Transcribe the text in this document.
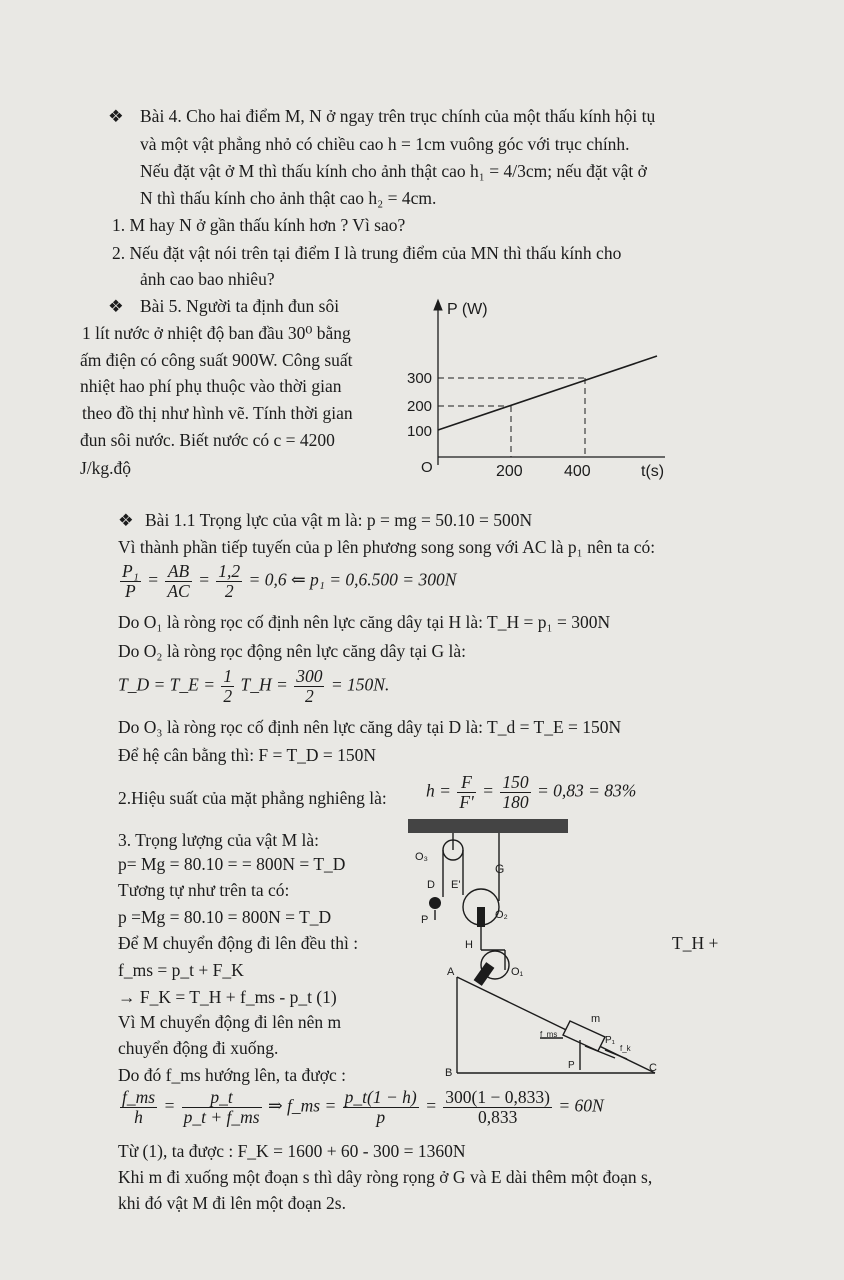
❖ Bài 4. Cho hai điểm M, N ở ngay trên trục chính của một thấu kính hội tụ
và một vật phẳng nhỏ có chiều cao h = 1cm vuông góc với trục chính.
Nếu đặt vật ở M thì thấu kính cho ảnh thật cao h₁ = 4/3cm; nếu đặt vật ở
N thì thấu kính cho ảnh thật cao h₂ = 4cm.
1. M hay N ở gần thấu kính hơn ? Vì sao?
2. Nếu đặt vật nói trên tại điểm I là trung điểm của MN thì thấu kính cho
ảnh cao bao nhiêu?
❖ Bài 5. Người ta định đun sôi
1 lít nước ở nhiệt độ ban đầu 30⁰ bằng
ấm điện có công suất 900W. Công suất
nhiệt hao phí phụ thuộc vào thời gian
theo đồ thị như hình vẽ. Tính thời gian
đun sôi nước. Biết nước có c = 4200
J/kg.độ
P (W)
300
200
100
O	200	400	t(s)
❖ Bài 1.1 Trọng lực của vật m là: p = mg = 50.10 = 500N
Vì thành phần tiếp tuyến của p lên phương song song với AC là p₁ nên ta có:
$\frac{\text{P₁}}{P} = \frac{AB}{AC} = \frac{1,2}{2} = 0,6$ ⇐ p₁ = 0,6.500 = 300N
Do O₁ là ròng rọc cố định nên lực căng dây tại H là: T_H = p₁ = 300N
Do O₂ là ròng rọc động nên lực căng dây tại G là:
T_D = T_E = $\frac{1}{2}$ T_H = $\frac{300}{2} = 150N$.
Do O₃ là ròng rọc cố định nên lực căng dây tại D là: T_d = T_E = 150N
Để hệ cân bằng thì: F = T_D = 150N
2.Hiệu suất của mặt phẳng nghiêng là: $h = \frac{F}{F'} = \frac{150}{180} = 0,83 = 83\%$
3. Trọng lượng của vật M là:
p= Mg = 80.10 = = 800N = T_D
Tương tự như trên ta có:
p =Mg = 80.10 = 800N = T_D
Để M chuyển động đi lên đều thì :	T_H +
f_ms = p_t + F_K
→ F_K = T_H + f_ms - p_t (1)
Vì M chuyển động đi lên nên m
chuyển động đi xuống.
Do đó f_ms hướng lên, ta được :
$\frac{f\_ms}{h} = \frac{p\_t}{p\_t + f\_ms}$ ⇒ f_ms = $\frac{p\_t(1 - h)}{p} = \frac{300(1 - 0,833)}{0,833} = 60N$
Từ (1), ta được : F_K = 1600 + 60 - 300 = 1360N
Khi m đi xuống một đoạn s thì dây ròng rọng ở G và E dài thêm một đoạn s,
khi đó vật M đi lên một đoạn 2s.
O₃
G
D E'
P	O₂
H
A	O₁
m
f_ms
P₁
f_k
P
B	C
